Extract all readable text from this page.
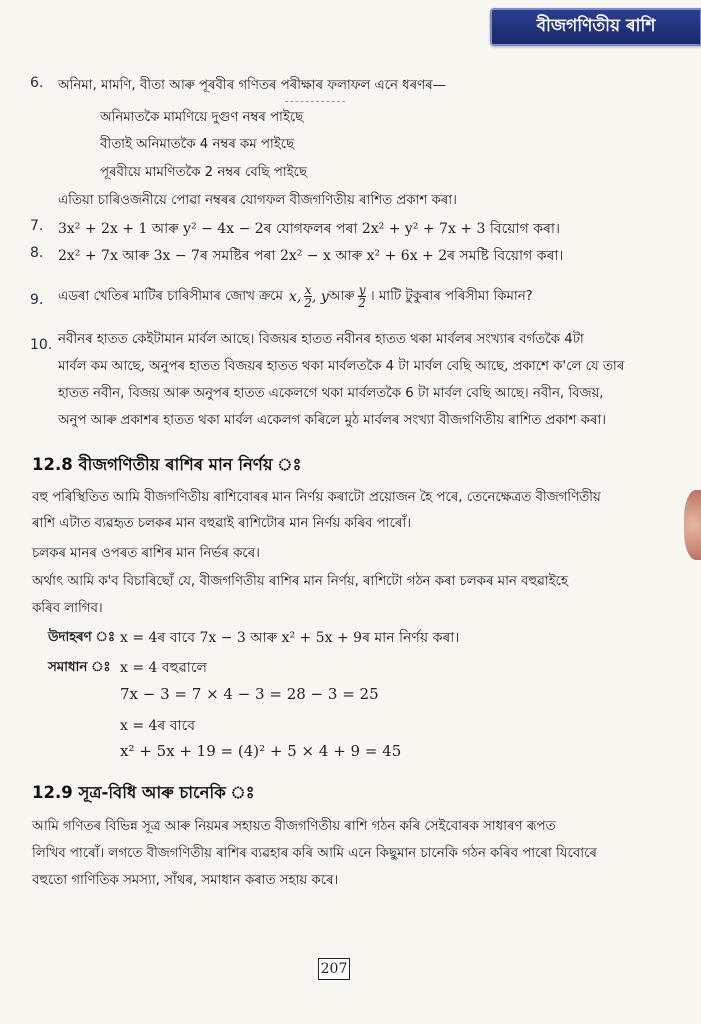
বীজগণিতীয় ৰাশি
6. অনিমা, মামণি, বীতা আৰু পূৰবীৰ গণিতৰ পৰীক্ষাৰ ফলাফল এনে ধৰণৰ—
অনিমাতকৈ মামণিয়ে দুগুণ নম্বৰ পাইছে
বীতাই অনিমাতকৈ 4 নম্বৰ কম পাইছে
পূৰবীয়ে মামণিতকৈ 2 নম্বৰ বেছি পাইছে
এতিয়া চাৰিওজনীয়ে পোৱা নম্বৰৰ যোগফল বীজগণিতীয় ৰাশিত প্ৰকাশ কৰা।
7. 3x² + 2x + 1 আৰু y² − 4x − 2ৰ যোগফলৰ পৰা 2x² + y² + 7x + 3 বিয়োগ কৰা।
8. 2x² + 7x আৰু 3x − 7ৰ সমষ্টিৰ পৰা 2x² − x আৰু x² + 6x + 2ৰ সমষ্টি বিয়োগ কৰা।
9. এডৰা খেতিৰ মাটিৰ চাৰিসীমাৰ জোখ ক্ৰমে x, $\frac{x}{2}$ , y আৰু $\frac{y}{2}$ । মাটি টুকুৰাৰ পৰিসীমা কিমান?
10. নবীনৰ হাতত কেইটামান মাৰ্বল আছে। বিজয়ৰ হাতত নবীনৰ হাতত থকা মাৰ্বলৰ সংখ্যাৰ বৰ্গতকৈ 4টা
মাৰ্বল কম আছে, অনুপৰ হাতত বিজয়ৰ হাতত থকা মাৰ্বলতকৈ 4 টা মাৰ্বল বেছি আছে, প্ৰকাশে ক'লে যে তাৰ
হাতত নবীন, বিজয় আৰু অনুপৰ হাতত একেলগে থকা মাৰ্বলতকৈ 6 টা মাৰ্বল বেছি আছে। নবীন, বিজয়,
অনুপ আৰু প্ৰকাশৰ হাতত থকা মাৰ্বল একেলগ কৰিলে মুঠ মাৰ্বলৰ সংখ্যা বীজগণিতীয় ৰাশিত প্ৰকাশ কৰা।
12.8 বীজগণিতীয় ৰাশিৰ মান নিৰ্ণয় ঃ
বহু পৰিস্থিতিত আমি বীজগণিতীয় ৰাশিবোৰৰ মান নিৰ্ণয় কৰাটো প্ৰয়োজন হৈ পৰে, তেনেক্ষেত্ৰত বীজগণিতীয়
ৰাশি এটাত ব্যৱহৃত চলকৰ মান বহুৱাই ৰাশিটোৰ মান নিৰ্ণয় কৰিব পাৰোঁ।
চলকৰ মানৰ ওপৰত ৰাশিৰ মান নিৰ্ভৰ কৰে।
অৰ্থাৎ আমি ক'ব বিচাৰিছোঁ যে, বীজগণিতীয় ৰাশিৰ মান নিৰ্ণয়, ৰাশিটো গঠন কৰা চলকৰ মান বহুৱাইহে
কৰিব লাগিব।
উদাহৰণ ঃ x = 4ৰ বাবে 7x − 3 আৰু x² + 5x + 9ৰ মান নিৰ্ণয় কৰা।
সমাধান ঃ x = 4 বহুৱালে
7x − 3 = 7 × 4 − 3 = 28 − 3 = 25
x = 4ৰ বাবে
x² + 5x + 19 = (4)² + 5 × 4 + 9 = 45
12.9 সূত্ৰ-বিধি আৰু চানেকি ঃ
আমি গণিতৰ বিভিন্ন সূত্ৰ আৰু নিয়মৰ সহায়ত বীজগণিতীয় ৰাশি গঠন কৰি সেইবোৰক সাধাৰণ ৰূপত
লিখিব পাৰোঁ। লগতে বীজগণিতীয় ৰাশিৰ ব্যৱহাৰ কৰি আমি এনে কিছুমান চানেকি গঠন কৰিব পাৰো যিবোৰে
বহুতো গাণিতিক সমস্যা, সাঁথৰ, সমাধান কৰাত সহায় কৰে।
207
